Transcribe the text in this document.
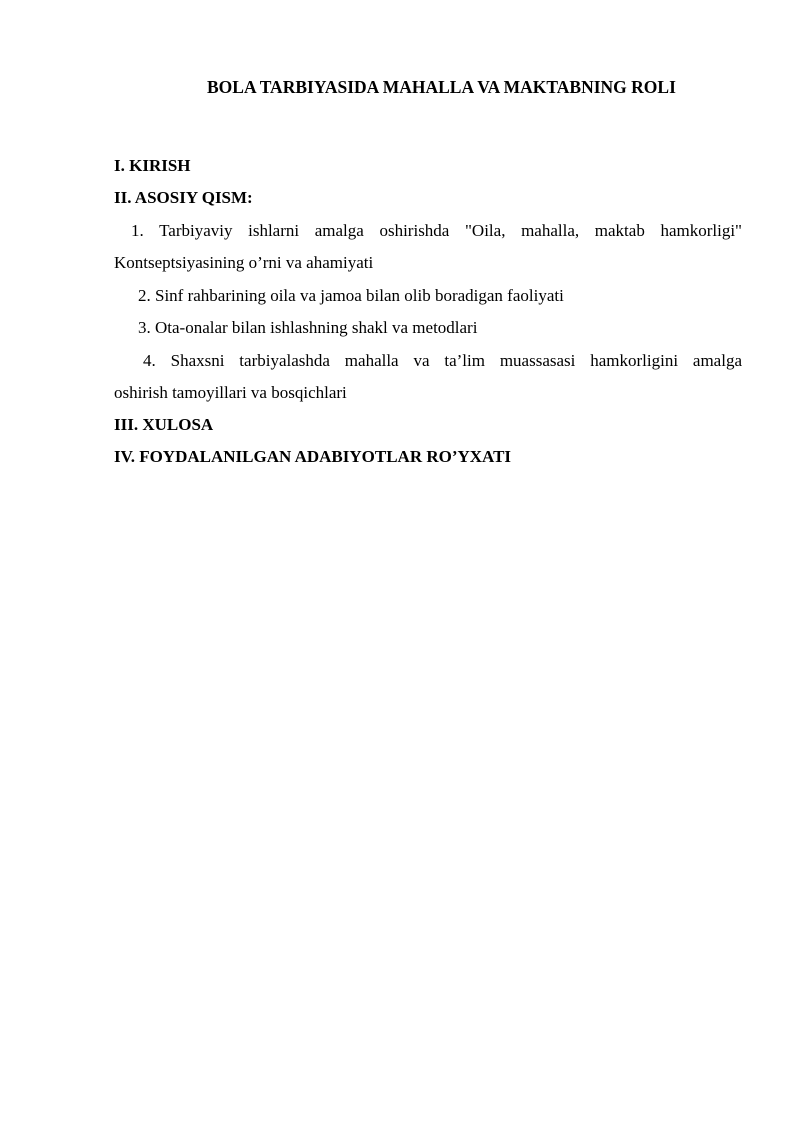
BOLA TARBIYASIDA MAHALLA VA MAKTABNING ROLI
I. KIRISH
II. ASOSIY QISM:
1. Tarbiyaviy ishlarni amalga oshirishda "Oila, mahalla, maktab hamkorligi"
Kontseptsiyasining o’rni va ahamiyati
2. Sinf rahbarining oila va jamoa bilan olib boradigan faoliyati
3. Ota-onalar bilan ishlashning shakl va metodlari
4. Shaxsni tarbiyalashda mahalla va ta’lim muassasasi hamkorligini amalga
oshirish tamoyillari va bosqichlari
III. XULOSA
IV. FOYDALANILGAN ADABIYOTLAR RO’YXATI
